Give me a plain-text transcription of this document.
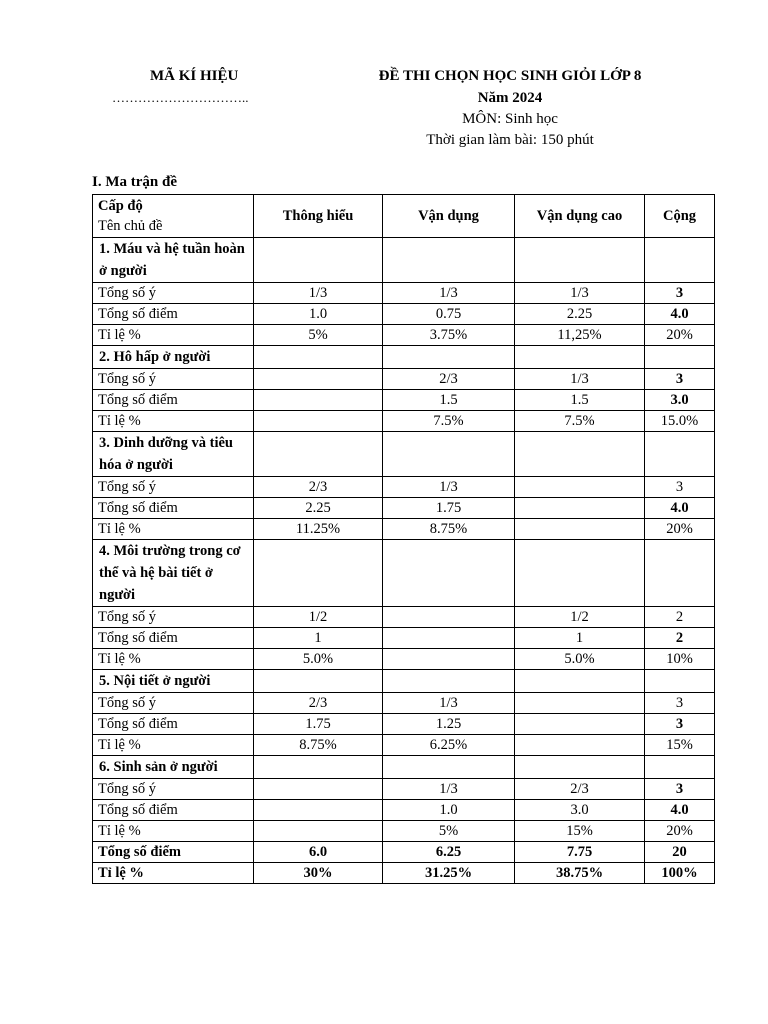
MÃ KÍ HIỆU
…………………………..
ĐỀ THI CHỌN HỌC SINH GIỎI LỚP 8
Năm 2024
MÔN: Sinh học
Thời gian làm bài: 150 phút
I. Ma trận đề
Cấp độ
Tên chủ đề	Thông hiểu	Vận dụng	Vận dụng cao	Cộng
1. Máu và hệ tuần hoàn ở người				
Tổng số ý	1/3	1/3	1/3	3
Tổng số điểm	1.0	0.75	2.25	4.0
Tỉ lệ %	5%	3.75%	11,25%	20%
2. Hô hấp ở người				
Tổng số ý		2/3	1/3	3
Tổng số điểm		1.5	1.5	3.0
Tỉ lệ %		7.5%	7.5%	15.0%
3. Dinh dưỡng và tiêu hóa ở người				
Tổng số ý	2/3	1/3		3
Tổng số điểm	2.25	1.75		4.0
Tỉ lệ %	11.25%	8.75%		20%
4. Môi trường trong cơ thể và hệ bài tiết ở người				
Tổng số ý	1/2		1/2	2
Tổng số điểm	1		1	2
Tỉ lệ %	5.0%		5.0%	10%
5. Nội tiết ở người				
Tổng số ý	2/3	1/3		3
Tổng số điểm	1.75	1.25		3
Tỉ lệ %	8.75%	6.25%		15%
6. Sinh sản ở người				
Tổng số ý		1/3	2/3	3
Tổng số điểm		1.0	3.0	4.0
Tỉ lệ %		5%	15%	20%
Tổng số điểm	6.0	6.25	7.75	20
Tỉ lệ %	30%	31.25%	38.75%	100%
